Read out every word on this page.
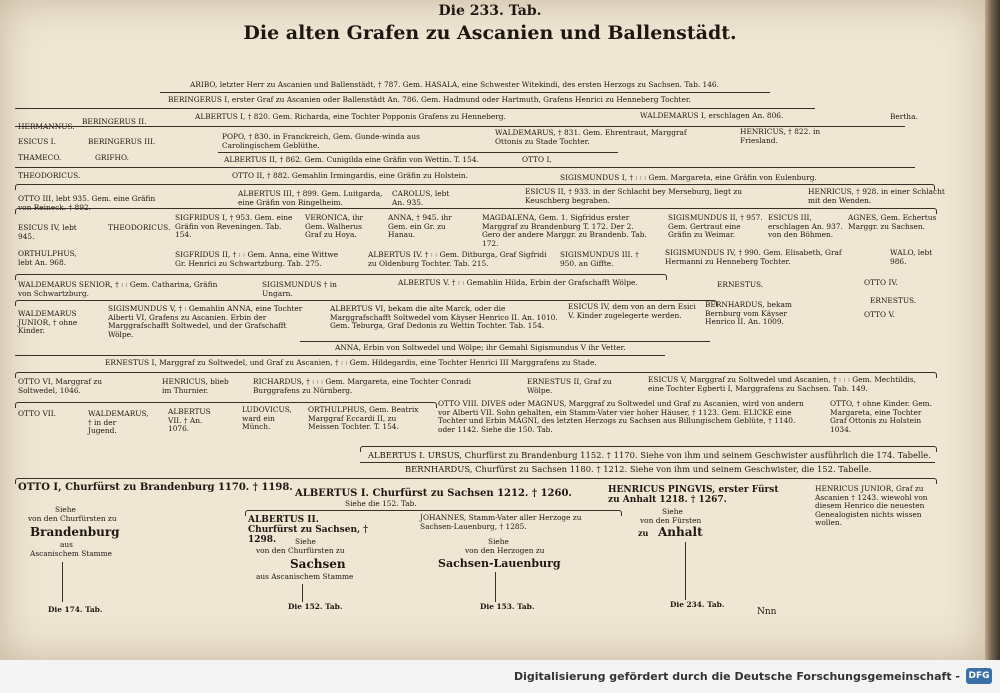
Die 233. Tab.
Die alten Grafen zu Ascanien und Ballenstädt.
ARIBO, letzter Herr zu Ascanien und Ballenstädt, † 787. Gem. HASALA, eine Schwester Witekindi, des ersten Herzogs zu Sachsen. Tab. 146.
BERINGERUS I, erster Graf zu Ascanien oder Ballenstädt An. 786. Gem. Hadmund oder Hartmuth, Grafens Henrici zu Henneberg Tochter.
HERMANNUS.
BERINGERUS II.
ALBERTUS I, † 820. Gem. Richarda, eine Tochter Popponis Grafens zu Henneberg.	WALDEMARUS I, erschlagen An. 806.	Bertha.
ESICUS I.	BERINGERUS III.
THAMECO.	GRIFHO.
POPO, † 830. in Franckreich, Gem. Gunde-winda aus Carolingischem Geblüthe.
WALDEMARUS, † 831. Gem. Ehrentraut, Marggraf Ottonis zu Stade Tochter.
HENRICUS, † 822. in Friesland.
ALBERTUS II, † 862. Gem. Cunigilda eine Gräfin von Wettin. T. 154.	OTTO I,
THEODORICUS.	OTTO II, † 882. Gemahlin Irmingardis, eine Gräfin zu Holstein.	SIGISMUNDUS I, † ꞉ ꞉ ꞉ Gem. Margareta, eine Gräfin von Eulenburg.
OTTO III, lebt 935. Gem. eine Gräfin von Reineck. † 892.
ALBERTUS III, † 899. Gem. Luitgarda, eine Gräfin von Ringelheim.
CAROLUS, lebt An. 935.
ESICUS II, † 933. in der Schlacht bey Merseburg, liegt zu Keuschberg begraben.
HENRICUS, † 928. in einer Schlacht mit den Wenden.
ESICUS IV, lebt 945.
THEODORICUS.
SIGFRIDUS I, † 953. Gem. eine Gräfin von Reveningen. Tab. 154.
VERONICA, ihr Gem. Walherus Graf zu Hoya.
ANNA, † 945. ihr Gem. ein Gr. zu Hanau.
MAGDALENA, Gem. 1. Sigfridus erster Marggraf zu Brandenburg T. 172. Der 2. Gero der andere Marggr. zu Brandenb. Tab. 172.
SIGISMUNDUS II, † 957. Gem. Gertraut eine Gräfin zu Weimar.
ESICUS III, erschlagen An. 937. von den Böhmen.
AGNES, Gem. Echertus Marggr. zu Sachsen.
ORTHULPHUS, lebt An. 968.
SIGFRIDUS II, † ꞉ ꞉ Gem. Anna, eine Wittwe Gr. Henrici zu Schwartzburg. Tab. 275.
ALBERTUS IV. † ꞉ ꞉ Gem. Ditburga, Graf Sigfridi zu Oldenburg Tochter. Tab. 215.
SIGISMUNDUS III. † 950. an Giffte.
SIGISMUNDUS IV, † 990. Gem. Elisabeth, Graf Hermanni zu Henneberg Tochter.
WALO, lebt 986.
WALDEMARUS SENIOR, † ꞉ ꞉ Gem. Catharina, Gräfin von Schwartzburg.
SIGISMUNDUS † in Ungarn.
ALBERTUS V. † ꞉ ꞉ Gemahlin Hilda, Erbin der Grafschafft Wölpe.	ERNESTUS.	OTTO IV.
ERNESTUS.
OTTO V.
WALDEMARUS JUNIOR, † ohne Kinder.
SIGISMUNDUS V, † ꞉ Gemahlin ANNA, eine Tochter Alberti VI, Grafens zu Ascanien. Erbin der Marggrafschafft Soltwedel, und der Grafschafft Wölpe.
ALBERTUS VI, bekam die alte Marck, oder die Marggrafschafft Soltwedel vom Käyser Henrico II. An. 1010. Gem. Teburga, Graf Dedonis zu Wettin Tochter. Tab. 154.
ESICUS IV, dem von an dern Esici V. Kinder zugelegerte werden.
BERNHARDUS, bekam Bernburg vom Käyser Henrico II. An. 1009.
ANNA, Erbin von Soltwedel und Wölpe; ihr Gemahl Sigismundus V ihr Vetter.
ERNESTUS I, Marggraf zu Soltwedel, und Graf zu Ascanien, † ꞉ ꞉ Gem. Hildegardis, eine Tochter Henrici III Marggrafens zu Stade.
OTTO VI, Marggraf zu Soltwedel, 1046.
HENRICUS, blieb im Thurnier.
RICHARDUS, † ꞉ ꞉ ꞉ Gem. Margareta, eine Tochter Conradi Burggrafens zu Nürnberg.
ERNESTUS II, Graf zu Wölpe.
ESICUS V, Marggraf zu Soltwedel und Ascanien, † ꞉ ꞉ ꞉ Gem. Mechtildis, eine Tochter Egberti I, Marggrafens zu Sachsen. Tab. 149.
OTTO VII.	WALDEMARUS, † in der Jugend.
ALBERTUS VII. † An. 1076.
LUDOVICUS, ward ein Münch.
ORTHULPHUS, Gem. Beatrix Marggraf Eccardi II, zu Meissen Tochter. T. 154.
OTTO VIII. DIVES oder MAGNUS, Marggraf zu Soltwedel und Graf zu Ascanien, wird von andern vor Alberti VII. Sohn gehalten, ein Stamm-Vater vier hoher Häuser, † 1123. Gem. ELICKE eine Tochter und Erbin MAGNI, des letzten Herzogs zu Sachsen aus Billungischem Geblüte, † 1140. oder 1142. Siehe die 150. Tab.
OTTO, † ohne Kinder. Gem. Margareta, eine Tochter Graf Ottonis zu Holstein 1034.
ALBERTUS I. URSUS, Churfürst zu Brandenburg 1152. † 1170. Siehe von ihm und seinem Geschwister ausführlich die 174. Tabelle.
BERNHARDUS, Churfürst zu Sachsen 1180. † 1212. Siehe von ihm und seinem Geschwister, die 152. Tabelle.
OTTO I, Churfürst zu Brandenburg 1170. † 1198.
Siehe
von den Churfürsten zu
Brandenburg
aus
Ascanischem Stamme
Die 174. Tab.
ALBERTUS I. Churfürst zu Sachsen 1212. † 1260.
Siehe die 152. Tab.
ALBERTUS II. Churfürst zu Sachsen, † 1298.	Siehe
von den Churfürsten zu
Sachsen
aus Ascanischem Stamme
Die 152. Tab.
JOHANNES, Stamm-Vater aller Herzoge zu Sachsen-Lauenburg, † 1285.
Siehe
von den Herzogen zu
Sachsen-Lauenburg
Die 153. Tab.
HENRICUS PINGVIS, erster Fürst zu Anhalt 1218. † 1267.
Siehe
von den Fürsten
zu Anhalt
Die 234. Tab.
Nnn
HENRICUS JUNIOR, Graf zu Ascanien † 1243. wiewohl von diesem Henrico die neuesten Genealogisten nichts wissen wollen.
Digitalisierung gefördert durch die Deutsche Forschungsgemeinschaft - DFG
